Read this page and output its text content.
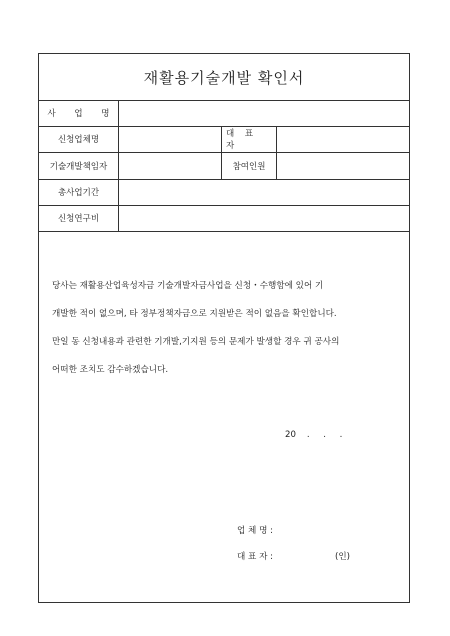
재활용기술개발 확인서
사 업 명
신청업체명
대 표 자
기술개발책임자	참여인원
총사업기간
신청연구비

당사는 재활용산업육성자금 기술개발자금사업을 신청・수행함에 있어 기

개발한 적이 없으며, 타 정부정책자금으로 지원받은 적이 없음을 확인합니다.

만일 동 신청내용과 관련한 기개발,기지원 등의 문제가 발생할 경우 귀 공사의

어떠한 조치도 감수하겠습니다.

20    .     .     .
업 체 명 :
대 표 자 :	(인)
